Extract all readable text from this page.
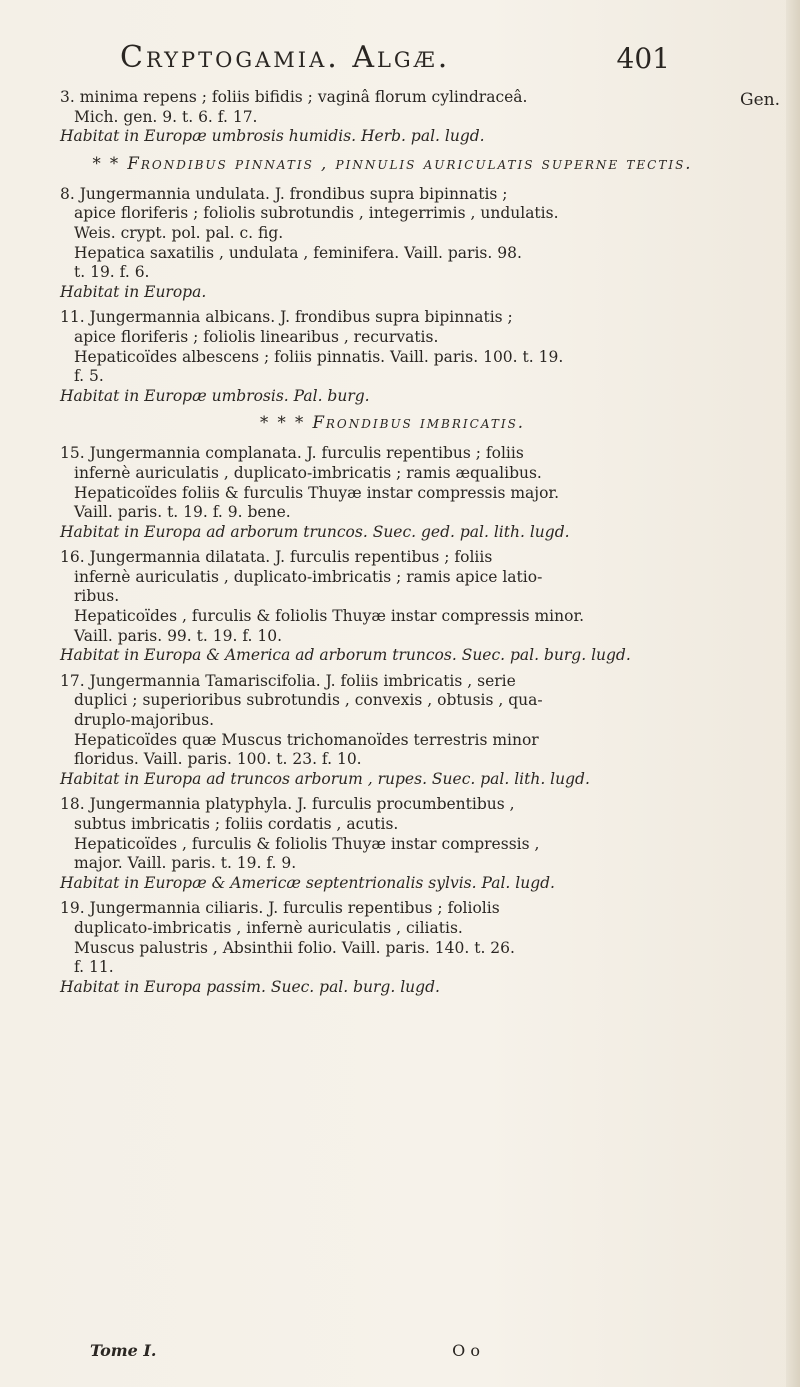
Cryptogamia. Algæ.	401
Gen.
3. minima repens ; foliis bifidis ; vaginâ florum cylindraceâ.
Mich. gen. 9. t. 6. f. 17.
Habitat in Europæ umbrosis humidis. Herb. pal. lugd.
* * Frondibus pinnatis , pinnulis auriculatis superne tectis.
8. Jungermannia undulata. J. frondibus supra bipinnatis ;
apice floriferis ; foliolis subrotundis , integerrimis , undulatis.
Weis. crypt. pol. pal. c. fig.
Hepatica saxatilis , undulata , feminifera. Vaill. paris. 98.
t. 19. f. 6.
Habitat in Europa.
11. Jungermannia albicans. J. frondibus supra bipinnatis ;
apice floriferis ; foliolis linearibus , recurvatis.
Hepaticoïdes albescens ; foliis pinnatis. Vaill. paris. 100. t. 19.
f. 5.
Habitat in Europæ umbrosis. Pal. burg.
* * * Frondibus imbricatis.
15. Jungermannia complanata. J. furculis repentibus ; foliis
infernè auriculatis , duplicato-imbricatis ; ramis æqualibus.
Hepaticoïdes foliis & furculis Thuyæ instar compressis major.
Vaill. paris. t. 19. f. 9. bene.
Habitat in Europa ad arborum truncos. Suec. ged. pal. lith. lugd.
16. Jungermannia dilatata. J. furculis repentibus ; foliis
infernè auriculatis , duplicato-imbricatis ; ramis apice latio-
ribus.
Hepaticoïdes , furculis & foliolis Thuyæ instar compressis minor.
Vaill. paris. 99. t. 19. f. 10.
Habitat in Europa & America ad arborum truncos. Suec. pal. burg. lugd.
17. Jungermannia Tamariscifolia. J. foliis imbricatis , serie
duplici ; superioribus subrotundis , convexis , obtusis , qua-
druplo-majoribus.
Hepaticoïdes quæ Muscus trichomanoïdes terrestris minor
floridus. Vaill. paris. 100. t. 23. f. 10.
Habitat in Europa ad truncos arborum , rupes. Suec. pal. lith. lugd.
18. Jungermannia platyphyla. J. furculis procumbentibus ,
subtus imbricatis ; foliis cordatis , acutis.
Hepaticoïdes , furculis & foliolis Thuyæ instar compressis ,
major. Vaill. paris. t. 19. f. 9.
Habitat in Europæ & Americæ septentrionalis sylvis. Pal. lugd.
19. Jungermannia ciliaris. J. furculis repentibus ; foliolis
duplicato-imbricatis , infernè auriculatis , ciliatis.
Muscus palustris , Absinthii folio. Vaill. paris. 140. t. 26.
f. 11.
Habitat in Europa passim. Suec. pal. burg. lugd.
Tome I.	O o
